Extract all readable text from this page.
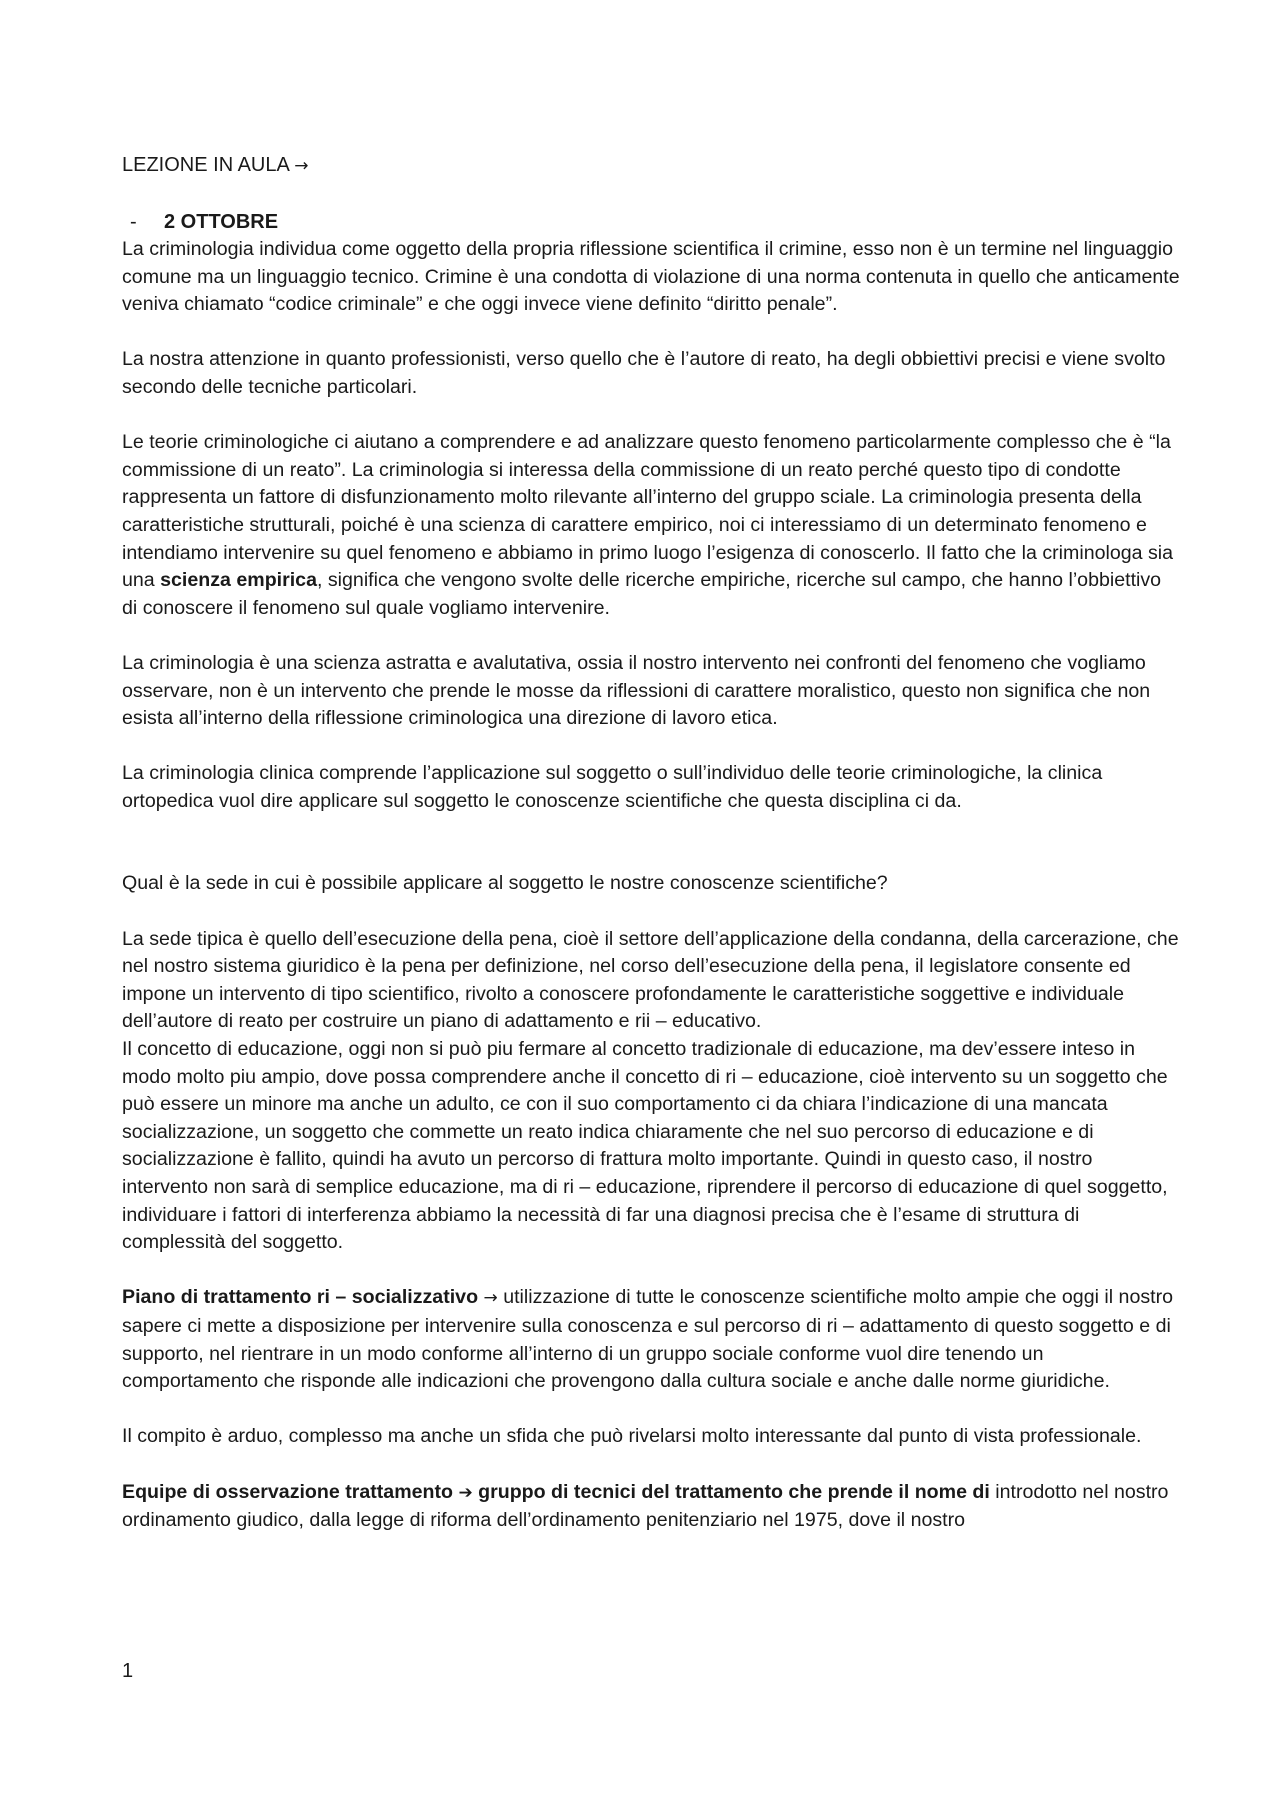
LEZIONE IN AULA →
-	2 OTTOBRE

La criminologia individua come oggetto della propria riflessione scientifica il crimine, esso non è un termine nel linguaggio comune ma un linguaggio tecnico. Crimine è una condotta di violazione di una norma contenuta in quello che anticamente veniva chiamato “codice criminale” e che oggi invece viene definito “diritto penale”.

La nostra attenzione in quanto professionisti, verso quello che è l’autore di reato, ha degli obbiettivi precisi e viene svolto secondo delle tecniche particolari.

Le teorie criminologiche ci aiutano a comprendere e ad analizzare questo fenomeno particolarmente complesso che è “la commissione di un reato”. La criminologia si interessa della commissione di un reato perché questo tipo di condotte rappresenta un fattore di disfunzionamento molto rilevante all’interno del gruppo sciale. La criminologia presenta della caratteristiche strutturali, poiché è una scienza di carattere empirico, noi ci interessiamo di un determinato fenomeno e intendiamo intervenire su quel fenomeno e abbiamo in primo luogo l’esigenza di conoscerlo. Il fatto che la criminologa sia una scienza empirica, significa che vengono svolte delle ricerche empiriche, ricerche sul campo, che hanno l’obbiettivo di conoscere il fenomeno sul quale vogliamo intervenire.

La criminologia è una scienza astratta e avalutativa, ossia il nostro intervento nei confronti del fenomeno che vogliamo osservare, non è un intervento che prende le mosse da riflessioni di carattere moralistico, questo non significa che non esista all’interno della riflessione criminologica una direzione di lavoro etica.

La criminologia clinica comprende l’applicazione sul soggetto o sull’individuo delle teorie criminologiche, la clinica ortopedica vuol dire applicare sul soggetto le conoscenze scientifiche che questa disciplina ci da.

Qual è la sede in cui è possibile applicare al soggetto le nostre conoscenze scientifiche?

La sede tipica è quello dell’esecuzione della pena, cioè il settore dell’applicazione della condanna, della carcerazione, che nel nostro sistema giuridico è la pena per definizione, nel corso dell’esecuzione della pena, il legislatore consente ed impone un intervento di tipo scientifico, rivolto a conoscere profondamente le caratteristiche soggettive e individuale dell’autore di reato per costruire un piano di adattamento e rii – educativo.

Il concetto di educazione, oggi non si può piu fermare al concetto tradizionale di educazione, ma dev’essere inteso in modo molto piu ampio, dove possa comprendere anche il concetto di ri – educazione, cioè intervento su un soggetto che può essere un minore ma anche un adulto, ce con il suo comportamento ci da chiara l’indicazione di una mancata socializzazione, un soggetto che commette un reato indica chiaramente che nel suo percorso di educazione e di socializzazione è fallito, quindi ha avuto un percorso di frattura molto importante. Quindi in questo caso, il nostro intervento non sarà di semplice educazione, ma di ri – educazione, riprendere il percorso di educazione di quel soggetto, individuare i fattori di interferenza abbiamo la necessità di far una diagnosi precisa che è l’esame di struttura di complessità del soggetto.

Piano di trattamento ri – socializzativo → utilizzazione di tutte le conoscenze scientifiche molto ampie che oggi il nostro sapere ci mette a disposizione per intervenire sulla conoscenza e sul percorso di ri – adattamento di questo soggetto e di supporto, nel rientrare in un modo conforme all’interno di un gruppo sociale conforme vuol dire tenendo un comportamento che risponde alle indicazioni che provengono dalla cultura sociale e anche dalle norme giuridiche.

Il compito è arduo, complesso ma anche un sfida che può rivelarsi molto interessante dal punto di vista professionale.

Equipe di osservazione trattamento ➔ gruppo di tecnici del trattamento che prende il nome di introdotto nel nostro ordinamento giudico, dalla legge di riforma dell’ordinamento penitenziario nel 1975, dove il nostro

1
